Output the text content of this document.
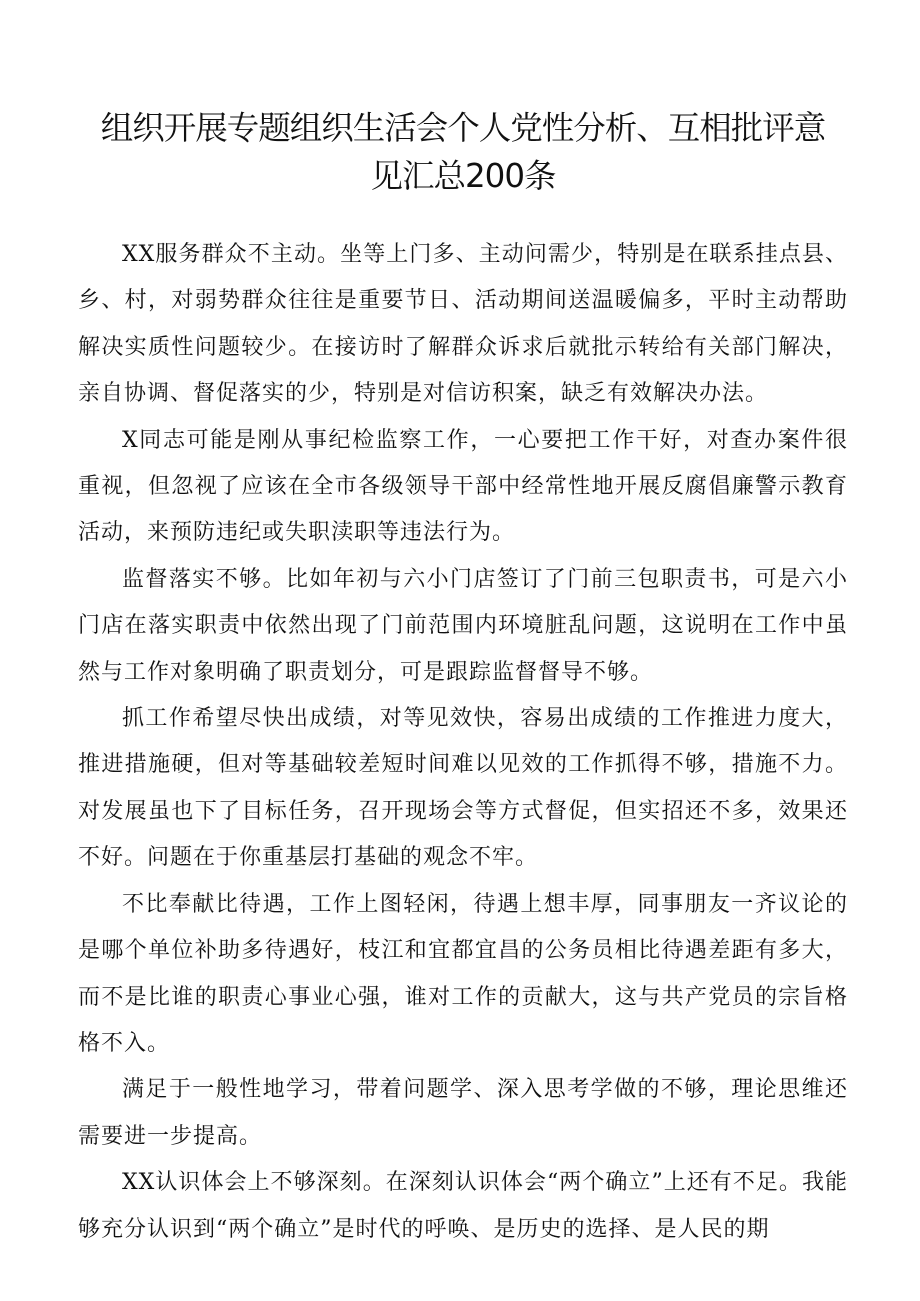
组织开展专题组织生活会个人党性分析、互相批评意
见汇总200条

XX服务群众不主动。坐等上门多、主动问需少，特别是在联系挂点县、乡、村，对弱势群众往往是重要节日、活动期间送温暖偏多，平时主动帮助解决实质性问题较少。在接访时了解群众诉求后就批示转给有关部门解决，亲自协调、督促落实的少，特别是对信访积案，缺乏有效解决办法。

X同志可能是刚从事纪检监察工作，一心要把工作干好，对查办案件很重视，但忽视了应该在全市各级领导干部中经常性地开展反腐倡廉警示教育活动，来预防违纪或失职渎职等违法行为。

监督落实不够。比如年初与六小门店签订了门前三包职责书，可是六小门店在落实职责中依然出现了门前范围内环境脏乱问题，这说明在工作中虽然与工作对象明确了职责划分，可是跟踪监督督导不够。

抓工作希望尽快出成绩，对等见效快，容易出成绩的工作推进力度大，推进措施硬，但对等基础较差短时间难以见效的工作抓得不够，措施不力。对发展虽也下了目标任务，召开现场会等方式督促，但实招还不多，效果还不好。问题在于你重基层打基础的观念不牢。

不比奉献比待遇，工作上图轻闲，待遇上想丰厚，同事朋友一齐议论的是哪个单位补助多待遇好，枝江和宜都宜昌的公务员相比待遇差距有多大，而不是比谁的职责心事业心强，谁对工作的贡献大，这与共产党员的宗旨格格不入。

满足于一般性地学习，带着问题学、深入思考学做的不够，理论思维还需要进一步提高。

XX认识体会上不够深刻。在深刻认识体会“两个确立”上还有不足。我能够充分认识到“两个确立”是时代的呼唤、是历史的选择、是人民的期
